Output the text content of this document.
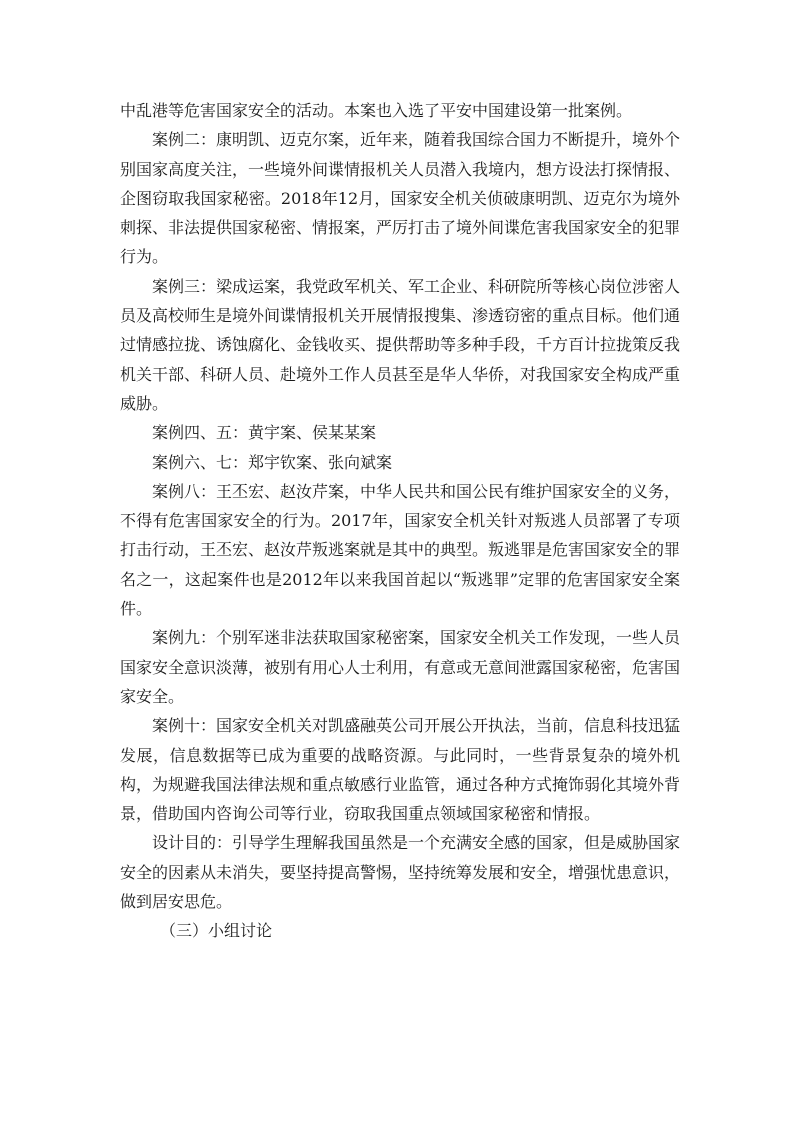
中乱港等危害国家安全的活动。本案也入选了平安中国建设第一批案例。

案例二：康明凯、迈克尔案，近年来，随着我国综合国力不断提升，境外个别国家高度关注，一些境外间谍情报机关人员潜入我境内，想方设法打探情报、企图窃取我国家秘密。2018年12月，国家安全机关侦破康明凯、迈克尔为境外刺探、非法提供国家秘密、情报案，严厉打击了境外间谍危害我国家安全的犯罪行为。

案例三：梁成运案，我党政军机关、军工企业、科研院所等核心岗位涉密人员及高校师生是境外间谍情报机关开展情报搜集、渗透窃密的重点目标。他们通过情感拉拢、诱蚀腐化、金钱收买、提供帮助等多种手段，千方百计拉拢策反我机关干部、科研人员、赴境外工作人员甚至是华人华侨，对我国家安全构成严重威胁。

案例四、五：黄宇案、侯某某案

案例六、七：郑宇钦案、张向斌案

案例八：王丕宏、赵汝芹案，中华人民共和国公民有维护国家安全的义务，不得有危害国家安全的行为。2017年，国家安全机关针对叛逃人员部署了专项打击行动，王丕宏、赵汝芹叛逃案就是其中的典型。叛逃罪是危害国家安全的罪名之一，这起案件也是2012年以来我国首起以“叛逃罪”定罪的危害国家安全案件。

案例九：个别军迷非法获取国家秘密案，国家安全机关工作发现，一些人员国家安全意识淡薄，被别有用心人士利用，有意或无意间泄露国家秘密，危害国家安全。

案例十：国家安全机关对凯盛融英公司开展公开执法，当前，信息科技迅猛发展，信息数据等已成为重要的战略资源。与此同时，一些背景复杂的境外机构，为规避我国法律法规和重点敏感行业监管，通过各种方式掩饰弱化其境外背景，借助国内咨询公司等行业，窃取我国重点领域国家秘密和情报。

设计目的：引导学生理解我国虽然是一个充满安全感的国家，但是威胁国家安全的因素从未消失，要坚持提高警惕，坚持统筹发展和安全，增强忧患意识，做到居安思危。

（三）小组讨论
